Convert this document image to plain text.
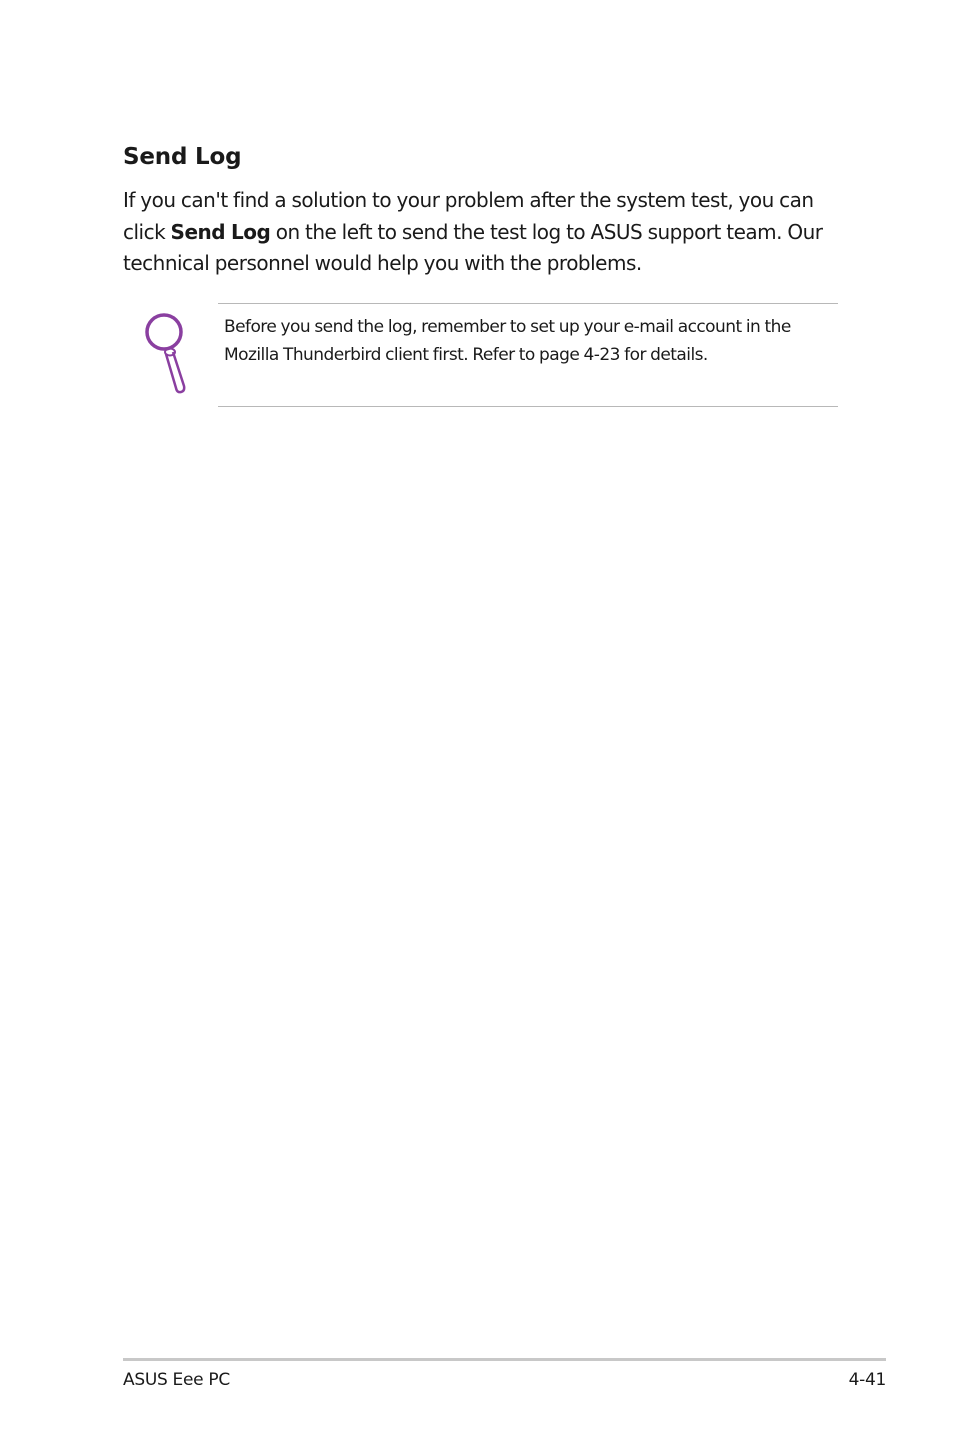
Send Log

If you can't find a solution to your problem after the system test, you can click Send Log on the left to send the test log to ASUS support team. Our technical personnel would help you with the problems.

Before you send the log, remember to set up your e-mail account in the Mozilla Thunderbird client first. Refer to page 4-23 for details.

ASUS Eee PC	4-41
